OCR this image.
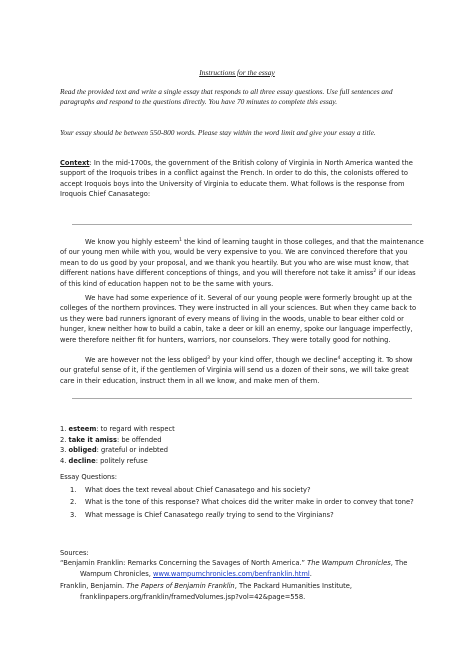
Instructions for the essay
Read the provided text and write a single essay that responds to all three essay questions. Use full sentences and paragraphs and respond to the questions directly. You have 70 minutes to complete this essay.
Your essay should be between 550-800 words. Please stay within the word limit and give your essay a title.
Context: In the mid-1700s, the government of the British colony of Virginia in North America wanted the support of the Iroquois tribes in a conflict against the French. In order to do this, the colonists offered to accept Iroquois boys into the University of Virginia to educate them. What follows is the response from Iroquois Chief Canasatego:
We know you highly esteem$^1$ the kind of learning taught in those colleges, and that the maintenance of our young men while with you, would be very expensive to you. We are convinced therefore that you mean to do us good by your proposal, and we thank you heartily. But you who are wise must know, that different nations have different conceptions of things, and you will therefore not take it amiss$^2$ if our ideas of this kind of education happen not to be the same with yours.
We have had some experience of it. Several of our young people were formerly brought up at the colleges of the northern provinces. They were instructed in all your sciences. But when they came back to us they were bad runners ignorant of every means of living in the woods, unable to bear either cold or hunger, knew neither how to build a cabin, take a deer or kill an enemy, spoke our language imperfectly, were therefore neither fit for hunters, warriors, nor counselors. They were totally good for nothing.
We are however not the less obliged$^3$ by your kind offer, though we decline$^4$ accepting it. To show our grateful sense of it, if the gentlemen of Virginia will send us a dozen of their sons, we will take great care in their education, instruct them in all we know, and make men of them.
1. esteem: to regard with respect
2. take it amiss: be offended
3. obliged: grateful or indebted
4. decline: politely refuse
Essay Questions:
1. What does the text reveal about Chief Canasatego and his society?
2. What is the tone of this response? What choices did the writer make in order to convey that tone?
3. What message is Chief Canasatego really trying to send to the Virginians?
Sources:
“Benjamin Franklin: Remarks Concerning the Savages of North America.” The Wampum Chronicles, The Wampum Chronicles, www.wampumchronicles.com/benfranklin.html.
Franklin, Benjamin. The Papers of Benjamin Franklin, The Packard Humanities Institute, franklinpapers.org/franklin/framedVolumes.jsp?vol=42&page=558.
